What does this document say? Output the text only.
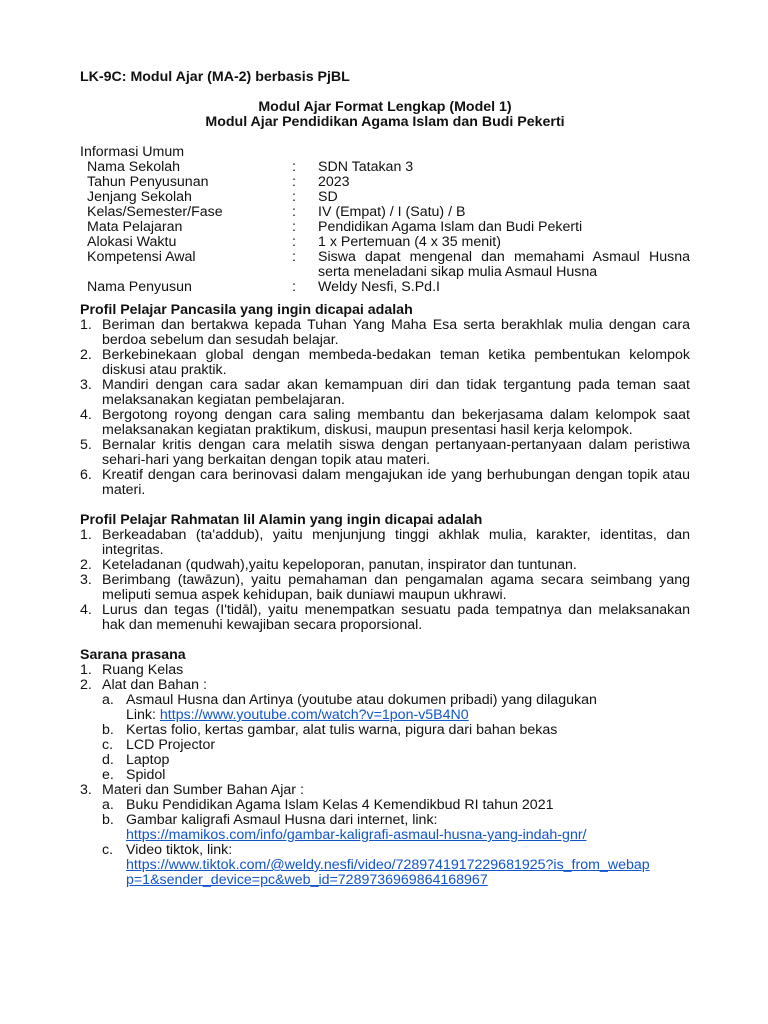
LK-9C: Modul Ajar (MA-2) berbasis PjBL
Modul Ajar Format Lengkap (Model 1)
Modul Ajar Pendidikan Agama Islam dan Budi Pekerti
Informasi Umum
Nama Sekolah	:	SDN Tatakan 3
Tahun Penyusunan	:	2023
Jenjang Sekolah	:	SD
Kelas/Semester/Fase	:	IV (Empat) / I (Satu) / B
Mata Pelajaran	:	Pendidikan Agama Islam dan Budi Pekerti
Alokasi Waktu	:	1 x Pertemuan (4 x 35 menit)
Kompetensi Awal	:	Siswa dapat mengenal dan memahami Asmaul Husna serta meneladani sikap mulia Asmaul Husna
Nama Penyusun	:	Weldy Nesfi, S.Pd.I
Profil Pelajar Pancasila yang ingin dicapai adalah
1. Beriman dan bertakwa kepada Tuhan Yang Maha Esa serta berakhlak mulia dengan cara berdoa sebelum dan sesudah belajar.
2. Berkebinekaan global dengan membeda-bedakan teman ketika pembentukan kelompok diskusi atau praktik.
3. Mandiri dengan cara sadar akan kemampuan diri dan tidak tergantung pada teman saat melaksanakan kegiatan pembelajaran.
4. Bergotong royong dengan cara saling membantu dan bekerjasama dalam kelompok saat melaksanakan kegiatan praktikum, diskusi, maupun presentasi hasil kerja kelompok.
5. Bernalar kritis dengan cara melatih siswa dengan pertanyaan-pertanyaan dalam peristiwa sehari-hari yang berkaitan dengan topik atau materi.
6. Kreatif dengan cara berinovasi dalam mengajukan ide yang berhubungan dengan topik atau materi.
Profil Pelajar Rahmatan lil Alamin yang ingin dicapai adalah
1. Berkeadaban (ta'addub), yaitu menjunjung tinggi akhlak mulia, karakter, identitas, dan integritas.
2. Keteladanan (qudwah),yaitu kepeloporan, panutan, inspirator dan tuntunan.
3. Berimbang (tawāzun), yaitu pemahaman dan pengamalan agama secara seimbang yang meliputi semua aspek kehidupan, baik duniawi maupun ukhrawi.
4. Lurus dan tegas (I'tidāl), yaitu menempatkan sesuatu pada tempatnya dan melaksanakan hak dan memenuhi kewajiban secara proporsional.
Sarana prasana
1. Ruang Kelas
2. Alat dan Bahan :
a. Asmaul Husna dan Artinya (youtube atau dokumen pribadi) yang dilagukan
Link: https://www.youtube.com/watch?v=1pon-v5B4N0
b. Kertas folio, kertas gambar, alat tulis warna, pigura dari bahan bekas
c. LCD Projector
d. Laptop
e. Spidol
3. Materi dan Sumber Bahan Ajar :
a. Buku Pendidikan Agama Islam Kelas 4 Kemendikbud RI tahun 2021
b. Gambar kaligrafi Asmaul Husna dari internet, link:
https://mamikos.com/info/gambar-kaligrafi-asmaul-husna-yang-indah-gnr/
c. Video tiktok, link:
https://www.tiktok.com/@weldy.nesfi/video/7289741917229681925?is_from_webap
p=1&sender_device=pc&web_id=7289736969864168967
